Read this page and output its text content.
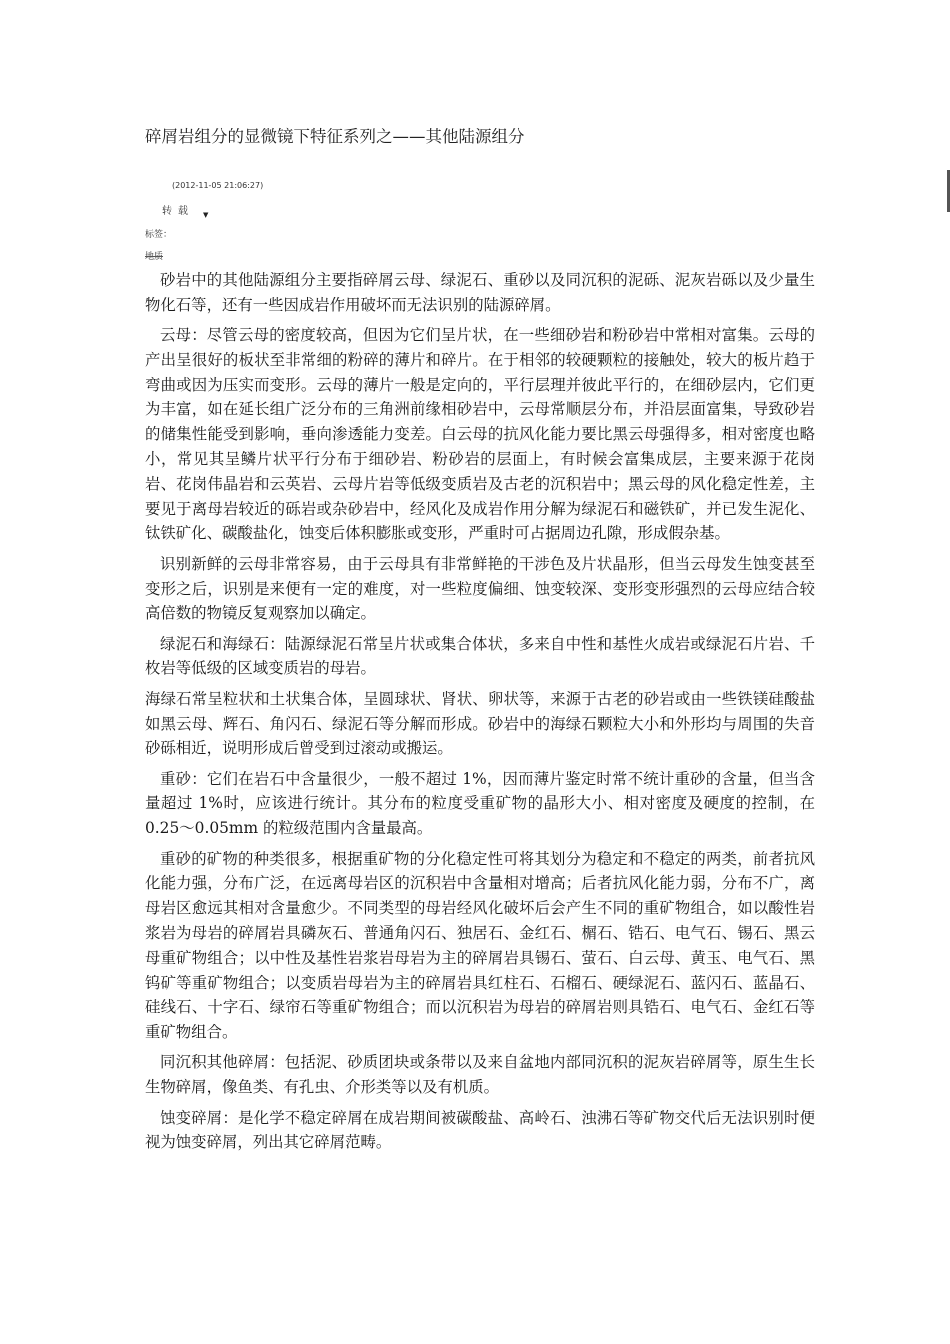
碎屑岩组分的显微镜下特征系列之——其他陆源组分
(2012-11-05 21:06:27)
转载 ▼
标签：
地质

砂岩中的其他陆源组分主要指碎屑云母、绿泥石、重砂以及同沉积的泥砾、泥灰岩砾以及少量生物化石等，还有一些因成岩作用破坏而无法识别的陆源碎屑。

云母：尽管云母的密度较高，但因为它们呈片状，在一些细砂岩和粉砂岩中常相对富集。云母的产出呈很好的板状至非常细的粉碎的薄片和碎片。在于相邻的较硬颗粒的接触处，较大的板片趋于弯曲或因为压实而变形。云母的薄片一般是定向的，平行层理并彼此平行的，在细砂层内，它们更为丰富，如在延长组广泛分布的三角洲前缘相砂岩中，云母常顺层分布，并沿层面富集，导致砂岩的储集性能受到影响，垂向渗透能力变差。白云母的抗风化能力要比黑云母强得多，相对密度也略小，常见其呈鳞片状平行分布于细砂岩、粉砂岩的层面上，有时候会富集成层，主要来源于花岗岩、花岗伟晶岩和云英岩、云母片岩等低级变质岩及古老的沉积岩中；黑云母的风化稳定性差，主要见于离母岩较近的砾岩或杂砂岩中，经风化及成岩作用分解为绿泥石和磁铁矿，并已发生泥化、钛铁矿化、碳酸盐化，蚀变后体积膨胀或变形，严重时可占据周边孔隙，形成假杂基。

识别新鲜的云母非常容易，由于云母具有非常鲜艳的干涉色及片状晶形，但当云母发生蚀变甚至变形之后，识别是来便有一定的难度，对一些粒度偏细、蚀变较深、变形变形强烈的云母应结合较高倍数的物镜反复观察加以确定。

绿泥石和海绿石：陆源绿泥石常呈片状或集合体状，多来自中性和基性火成岩或绿泥石片岩、千枚岩等低级的区域变质岩的母岩。

海绿石常呈粒状和土状集合体，呈圆球状、肾状、卵状等，来源于古老的砂岩或由一些铁镁硅酸盐如黑云母、辉石、角闪石、绿泥石等分解而形成。砂岩中的海绿石颗粒大小和外形均与周围的失音砂砾相近，说明形成后曾受到过滚动或搬运。

重砂：它们在岩石中含量很少，一般不超过 1%，因而薄片鉴定时常不统计重砂的含量，但当含量超过 1%时，应该进行统计。其分布的粒度受重矿物的晶形大小、相对密度及硬度的控制，在 0.25～0.05mm 的粒级范围内含量最高。

重砂的矿物的种类很多，根据重矿物的分化稳定性可将其划分为稳定和不稳定的两类，前者抗风化能力强，分布广泛，在远离母岩区的沉积岩中含量相对增高；后者抗风化能力弱，分布不广，离母岩区愈远其相对含量愈少。不同类型的母岩经风化破坏后会产生不同的重矿物组合，如以酸性岩浆岩为母岩的碎屑岩具磷灰石、普通角闪石、独居石、金红石、榍石、锆石、电气石、锡石、黑云母重矿物组合；以中性及基性岩浆岩母岩为主的碎屑岩具锡石、萤石、白云母、黄玉、电气石、黑钨矿等重矿物组合；以变质岩母岩为主的碎屑岩具红柱石、石榴石、硬绿泥石、蓝闪石、蓝晶石、硅线石、十字石、绿帘石等重矿物组合；而以沉积岩为母岩的碎屑岩则具锆石、电气石、金红石等重矿物组合。

同沉积其他碎屑：包括泥、砂质团块或条带以及来自盆地内部同沉积的泥灰岩碎屑等，原生生长生物碎屑，像鱼类、有孔虫、介形类等以及有机质。

蚀变碎屑：是化学不稳定碎屑在成岩期间被碳酸盐、高岭石、浊沸石等矿物交代后无法识别时便视为蚀变碎屑，列出其它碎屑范畴。
